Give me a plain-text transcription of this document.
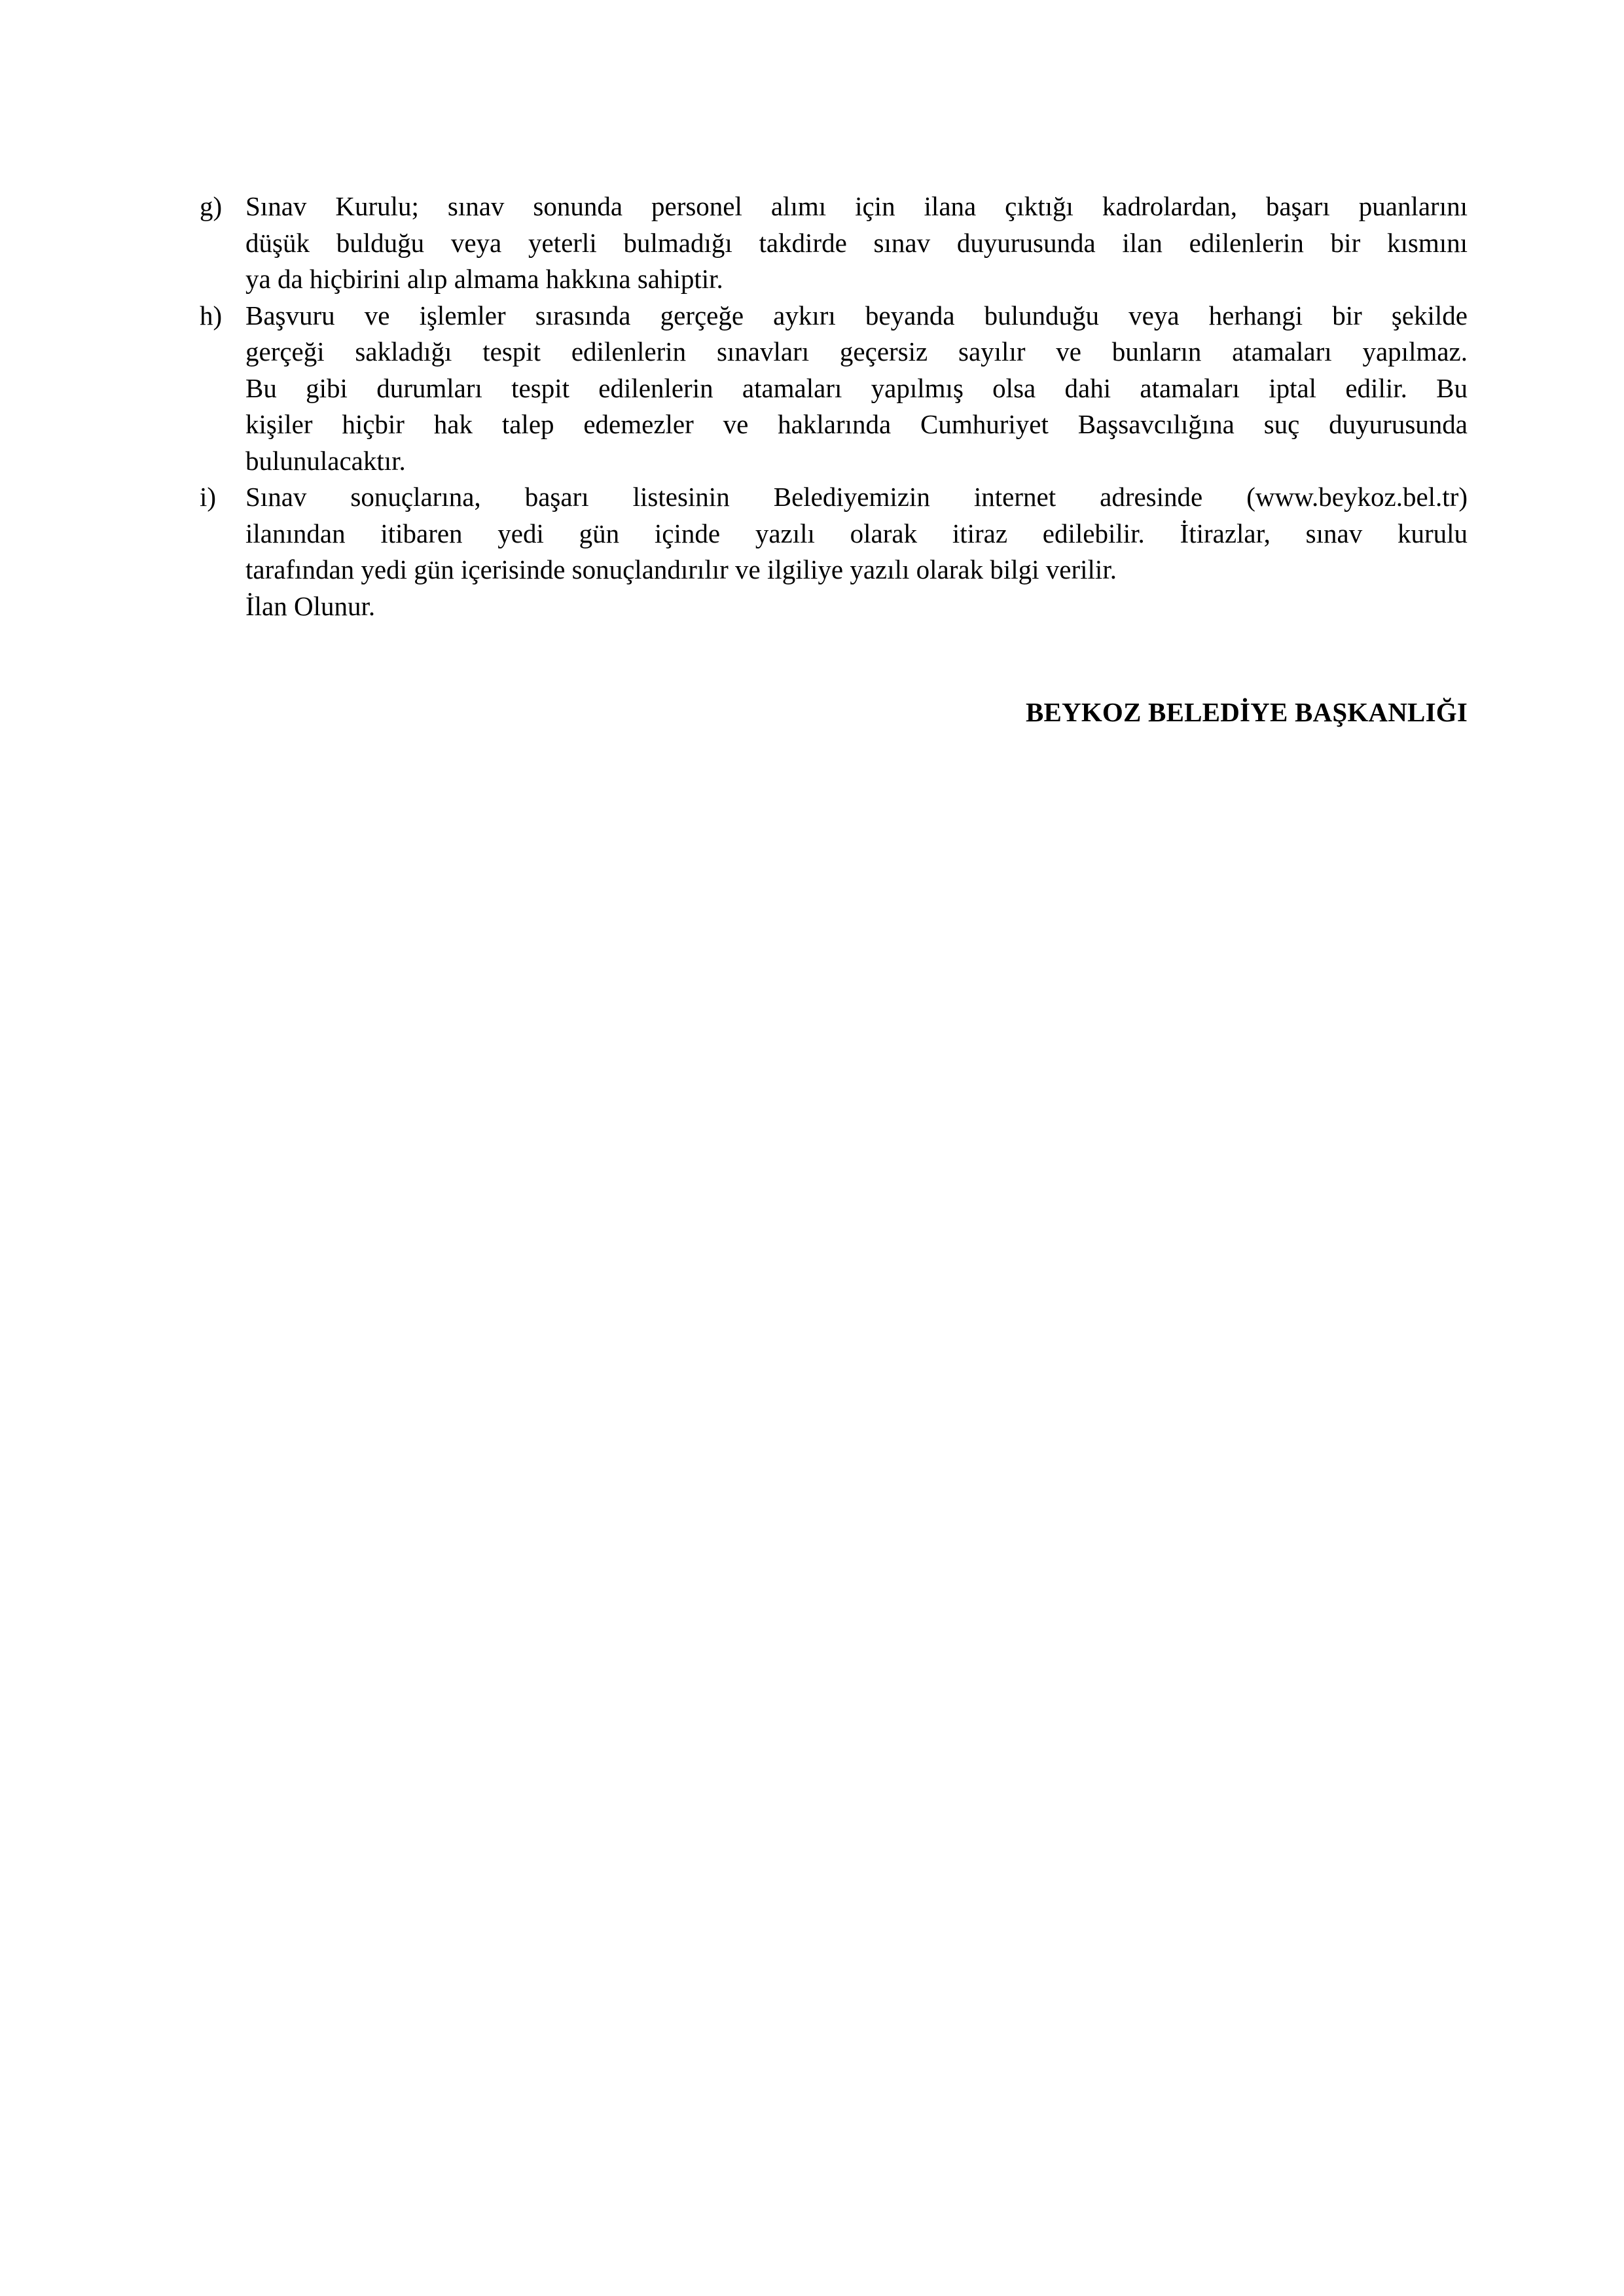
g) Sınav Kurulu; sınav sonunda personel alımı için ilana çıktığı kadrolardan, başarı puanlarını
düşük bulduğu veya yeterli bulmadığı takdirde sınav duyurusunda ilan edilenlerin bir kısmını
ya da hiçbirini alıp almama hakkına sahiptir.
h) Başvuru ve işlemler sırasında gerçeğe aykırı beyanda bulunduğu veya herhangi bir şekilde
gerçeği sakladığı tespit edilenlerin sınavları geçersiz sayılır ve bunların atamaları yapılmaz.
Bu gibi durumları tespit edilenlerin atamaları yapılmış olsa dahi atamaları iptal edilir. Bu
kişiler hiçbir hak talep edemezler ve haklarında Cumhuriyet Başsavcılığına suç duyurusunda
bulunulacaktır.
i)	Sınav sonuçlarına, başarı listesinin Belediyemizin internet adresinde (www.beykoz.bel.tr)
ilanından itibaren yedi gün içinde yazılı olarak itiraz edilebilir. İtirazlar, sınav kurulu
tarafından yedi gün içerisinde sonuçlandırılır ve ilgiliye yazılı olarak bilgi verilir.
İlan Olunur.
BEYKOZ BELEDİYE BAŞKANLIĞI
